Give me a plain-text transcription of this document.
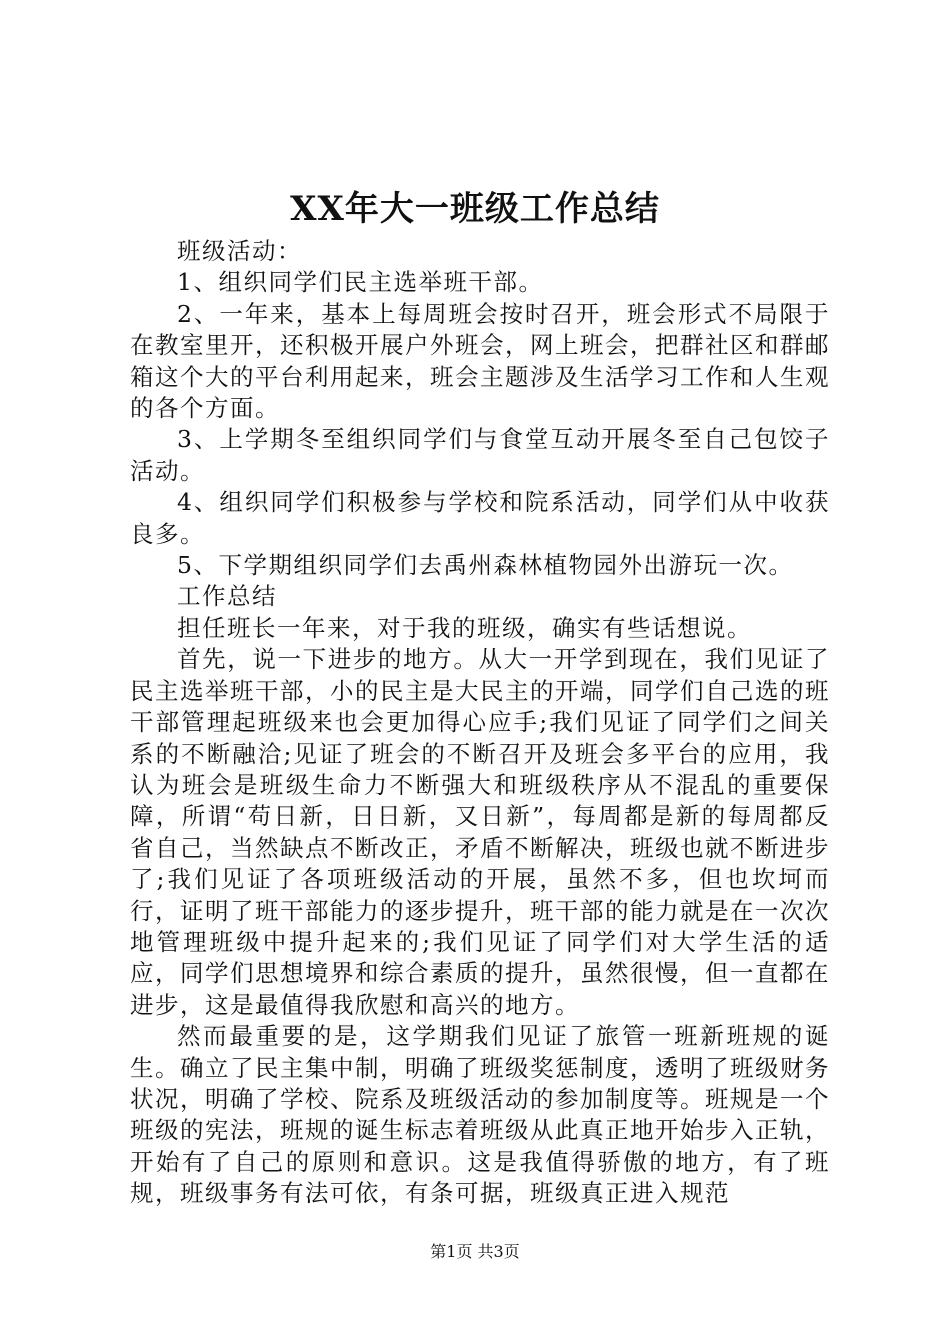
XX年大一班级工作总结

班级活动：

1、组织同学们民主选举班干部。

2、一年来，基本上每周班会按时召开，班会形式不局限于在教室里开，还积极开展户外班会，网上班会，把群社区和群邮箱这个大的平台利用起来，班会主题涉及生活学习工作和人生观的各个方面。

3、上学期冬至组织同学们与食堂互动开展冬至自己包饺子活动。

4、组织同学们积极参与学校和院系活动，同学们从中收获良多。

5、下学期组织同学们去禹州森林植物园外出游玩一次。

工作总结

担任班长一年来，对于我的班级，确实有些话想说。

首先，说一下进步的地方。从大一开学到现在，我们见证了民主选举班干部，小的民主是大民主的开端，同学们自己选的班干部管理起班级来也会更加得心应手;我们见证了同学们之间关系的不断融洽;见证了班会的不断召开及班会多平台的应用，我认为班会是班级生命力不断强大和班级秩序从不混乱的重要保障，所谓“苟日新，日日新，又日新”，每周都是新的每周都反省自己，当然缺点不断改正，矛盾不断解决，班级也就不断进步了;我们见证了各项班级活动的开展，虽然不多，但也坎坷而行，证明了班干部能力的逐步提升，班干部的能力就是在一次次地管理班级中提升起来的;我们见证了同学们对大学生活的适应，同学们思想境界和综合素质的提升，虽然很慢，但一直都在进步，这是最值得我欣慰和高兴的地方。

然而最重要的是，这学期我们见证了旅管一班新班规的诞生。确立了民主集中制，明确了班级奖惩制度，透明了班级财务状况，明确了学校、院系及班级活动的参加制度等。班规是一个班级的宪法，班规的诞生标志着班级从此真正地开始步入正轨，开始有了自己的原则和意识。这是我值得骄傲的地方，有了班规，班级事务有法可依，有条可据，班级真正进入规范

第1页 共3页
